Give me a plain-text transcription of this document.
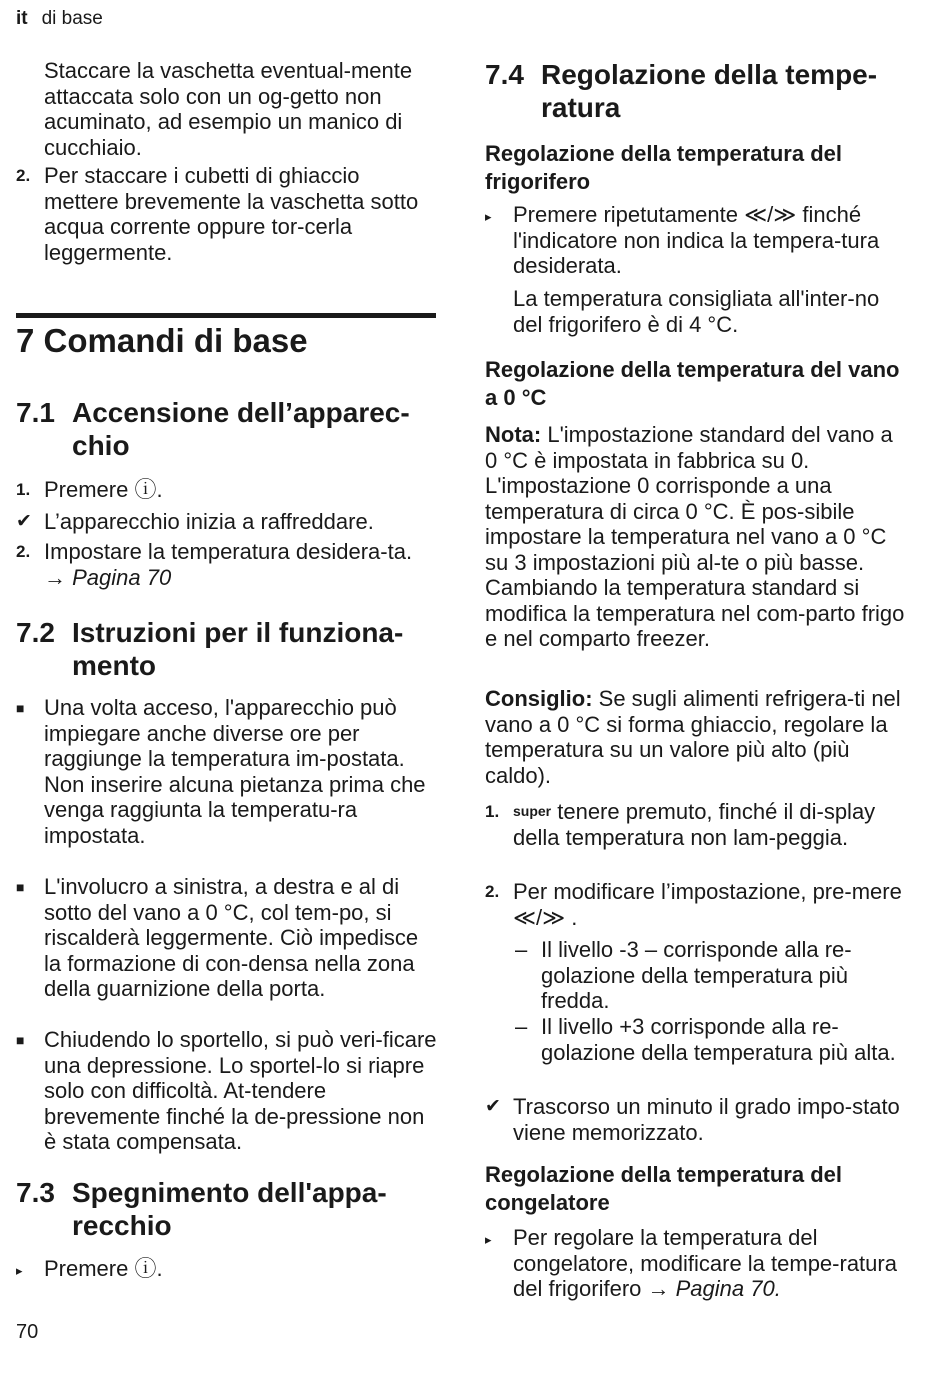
it di base

Staccare la vaschetta eventual-mente attaccata solo con un og-getto non acuminato, ad esempio un manico di cucchiaio.

2. Per staccare i cubetti di ghiaccio mettere brevemente la vaschetta sotto acqua corrente oppure tor-cerla leggermente.
7 Comandi di base
7.1 Accensione dell’apparec-chio
1. Premere ⓘ.
✔ L’apparecchio inizia a raffreddare.
2. Impostare la temperatura desidera-ta. → Pagina 70
7.2 Istruzioni per il funziona-mento
■ Una volta acceso, l'apparecchio può impiegare anche diverse ore per raggiunge la temperatura im-postata.
Non inserire alcuna pietanza prima che venga raggiunta la temperatu-ra impostata.
■ L'involucro a sinistra, a destra e al di sotto del vano a 0 °C, col tem-po, si riscalderà leggermente. Ciò impedisce la formazione di con-densa nella zona della guarnizione della porta.
■ Chiudendo lo sportello, si può veri-ficare una depressione. Lo sportel-lo si riapre solo con difficoltà. At-tendere brevemente finché la de-pressione non è stata compensata.
7.3 Spegnimento dell'appa-recchio
▸ Premere ⓘ.
70
7.4 Regolazione della tempe-ratura
Regolazione della temperatura del frigorifero
▸ Premere ripetutamente ≪/≫ finché l'indicatore non indica la tempera-tura desiderata.

La temperatura consigliata all'inter-no del frigorifero è di 4 °C.

Regolazione della temperatura del vano a 0 °C

Nota: L'impostazione standard del vano a 0 °C è impostata in fabbrica su 0. L'impostazione 0 corrisponde a una temperatura di circa 0 °C. È pos-sibile impostare la temperatura nel vano a 0 °C su 3 impostazioni più al-te o più basse.
Cambiando la temperatura standard si modifica la temperatura nel com-parto frigo e nel comparto freezer.

Consiglio: Se sugli alimenti refrigera-ti nel vano a 0 °C si forma ghiaccio, regolare la temperatura su un valore più alto (più caldo).

1. super tenere premuto, finché il di-splay della temperatura non lam-peggia.
2. Per modificare l’impostazione, pre-mere ≪/≫ .
– Il livello -3 – corrisponde alla re-golazione della temperatura più fredda.
– Il livello +3 corrisponde alla re-golazione della temperatura più alta.
✔ Trascorso un minuto il grado impo-stato viene memorizzato.
Regolazione della temperatura del congelatore
▸ Per regolare la temperatura del congelatore, modificare la tempe-ratura del frigorifero → Pagina 70.
